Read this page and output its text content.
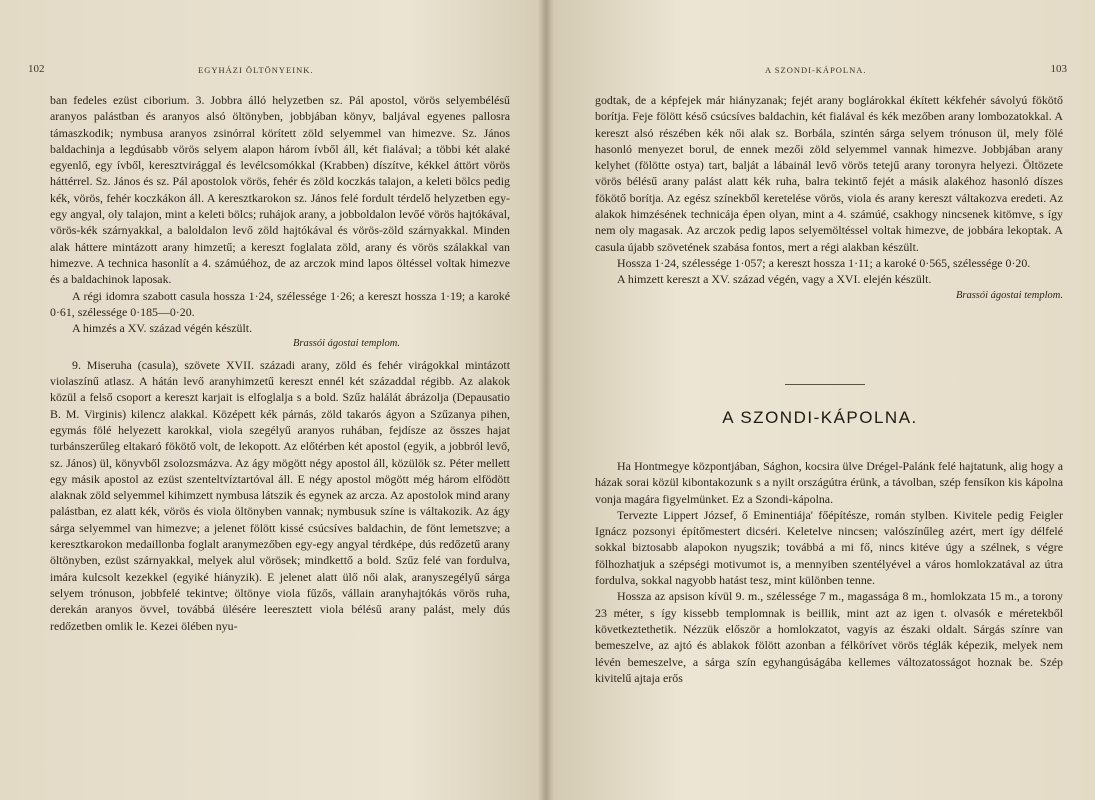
102	EGYHÁZI ÖLTÖNYEINK.

ban fedeles ezüst ciborium. 3. Jobbra álló helyzetben sz. Pál apostol, vörös selyembélésű aranyos palástban és aranyos alsó öltönyben, jobbjában könyv, baljával egyenes pallosra támaszkodik; nymbusa aranyos zsinórral körített zöld selyemmel van himezve. Sz. János baldachinja a legdúsabb vörös selyem alapon három ívből áll, két fialával; a többi két alaké egyenlő, egy ívből, keresztvirággal és levélcsomókkal (Krabben) díszítve, kékkel áttört vörös háttérrel. Sz. János és sz. Pál apostolok vörös, fehér és zöld koczkás talajon, a keleti bölcs pedig kék, vörös, fehér koczkákon áll. A keresztkarokon sz. János felé fordult térdelő helyzetben egy-egy angyal, oly talajon, mint a keleti bölcs; ruhájok arany, a jobboldalon levőé vörös hajtókával, vörös-kék szárnyakkal, a baloldalon levő zöld hajtókával és vörös-zöld szárnyakkal. Minden alak háttere mintázott arany himzetű; a kereszt foglalata zöld, arany és vörös szálakkal van himezve. A technica hasonlít a 4. számúéhoz, de az arczok mind lapos öltéssel voltak himezve és a baldachinok laposak.

A régi idomra szabott casula hossza 1·24, szélessége 1·26; a kereszt hossza 1·19; a karoké 0·61, szélessége 0·185—0·20.

A himzés a XV. század végén készült.

Brassói ágostai templom.

9. Miseruha (casula), szövete XVII. századi arany, zöld és fehér virágokkal mintázott violaszínű atlasz. A hátán levő aranyhimzetű kereszt ennél két századdal régibb. Az alakok közül a felső csoport a kereszt karjait is elfoglalja s a bold. Szűz halálát ábrázolja (Depausatio B. M. Virginis) kilencz alakkal. Középett kék párnás, zöld takarós ágyon a Szűzanya pihen, egymás fölé helyezett karokkal, viola szegélyű aranyos ruhában, fejdísze az összes hajat turbánszerűleg eltakaró fökötő volt, de lekopott. Az előtérben két apostol (egyik, a jobbról levő, sz. János) ül, könyvből zsolozsmázva. Az ágy mögött négy apostol áll, közülök sz. Péter mellett egy másik apostol az ezüst szenteltvíztartóval áll. E négy apostol mögött még három elfödött alaknak zöld selyemmel kihimzett nymbusa látszik és egynek az arcza. Az apostolok mind arany palástban, ez alatt kék, vörös és viola öltönyben vannak; nymbusuk színe is váltakozik. Az ágy sárga selyemmel van himezve; a jelenet fölött kissé csúcsíves baldachin, de fönt lemetszve; a keresztkarokon medaillonba foglalt aranymezőben egy-egy angyal térdképe, dús redőzetű arany öltönyben, ezüst szárnyakkal, melyek alul vörösek; mindkettő a bold. Szűz felé van fordulva, imára kulcsolt kezekkel (egyiké hiányzik). E jelenet alatt ülő női alak, aranyszegélyű sárga selyem trónuson, jobbfelé tekintve; öltönye viola fűzős, vállain aranyhajtókás vörös ruha, derekán aranyos övvel, továbbá ülésére leeresztett viola bélésű arany palást, mely dús redőzetben omlik le. Kezei ölében nyu-

A SZONDI-KÁPOLNA.	103

godtak, de a képfejek már hiányzanak; fejét arany boglárokkal ékített kékfehér sávolyú fökötő borítja. Feje fölött késő csúcsíves baldachin, két fialával és kék mezőben arany lombozatokkal. A kereszt alsó részében kék női alak sz. Borbála, szintén sárga selyem trónuson ül, mely fölé hasonló menyezet borul, de ennek mezői zöld selyemmel vannak himezve. Jobbjában arany kelyhet (fölötte ostya) tart, balját a lábainál levő vörös tetejű arany toronyra helyezi. Öltözete vörös bélésű arany palást alatt kék ruha, balra tekintő fejét a másik alakéhoz hasonló díszes fökötő borítja. Az egész színekből keretelése vörös, viola és arany kereszt váltakozva eredeti. Az alakok himzésének technicája épen olyan, mint a 4. számúé, csakhogy nincsenek kitömve, s így nem oly magasak. Az arczok pedig lapos selyemöltéssel voltak himezve, de jobbára lekoptak. A casula újabb szövetének szabása fontos, mert a régi alakban készült.

Hossza 1·24, szélessége 1·057; a kereszt hossza 1·11; a karoké 0·565, szélessége 0·20.

A himzett kereszt a XV. század végén, vagy a XVI. elején készült.

Brassói ágostai templom.

A SZONDI-KÁPOLNA.

Ha Hontmegye központjában, Sághon, kocsira ülve Drégel-Palánk felé hajtatunk, alig hogy a házak sorai közül kibontakozunk s a nyilt országútra érünk, a távolban, szép fensíkon kis kápolna vonja magára figyelmünket. Ez a Szondi-kápolna.

Tervezte Lippert József, ő Eminentiája' főépítésze, román stylben. Kivitele pedig Feigler Ignácz pozsonyi építőmestert dicséri. Keletelve nincsen; valószínűleg azért, mert így délfelé sokkal biztosabb alapokon nyugszik; továbbá a mi fő, nincs kitéve úgy a szélnek, s végre fölhozhatjuk a szépségi motivumot is, a mennyiben szentélyével a város homlokzatával az útra fordulva, sokkal nagyobb hatást tesz, mint különben tenne.

Hossza az apsison kívül 9. m., szélessége 7 m., magassága 8 m., homlokzata 15 m., a torony 23 méter, s így kissebb templomnak is beillik, mint azt az igen t. olvasók e méretekből következtethetik. Nézzük először a homlokzatot, vagyis az északi oldalt. Sárgás színre van bemeszelve, az ajtó és ablakok fölött azonban a félkörívet vörös téglák képezik, melyek nem lévén bemeszelve, a sárga szín egyhangúságába kellemes változatosságot hoznak be. Szép kivitelű ajtaja erős
